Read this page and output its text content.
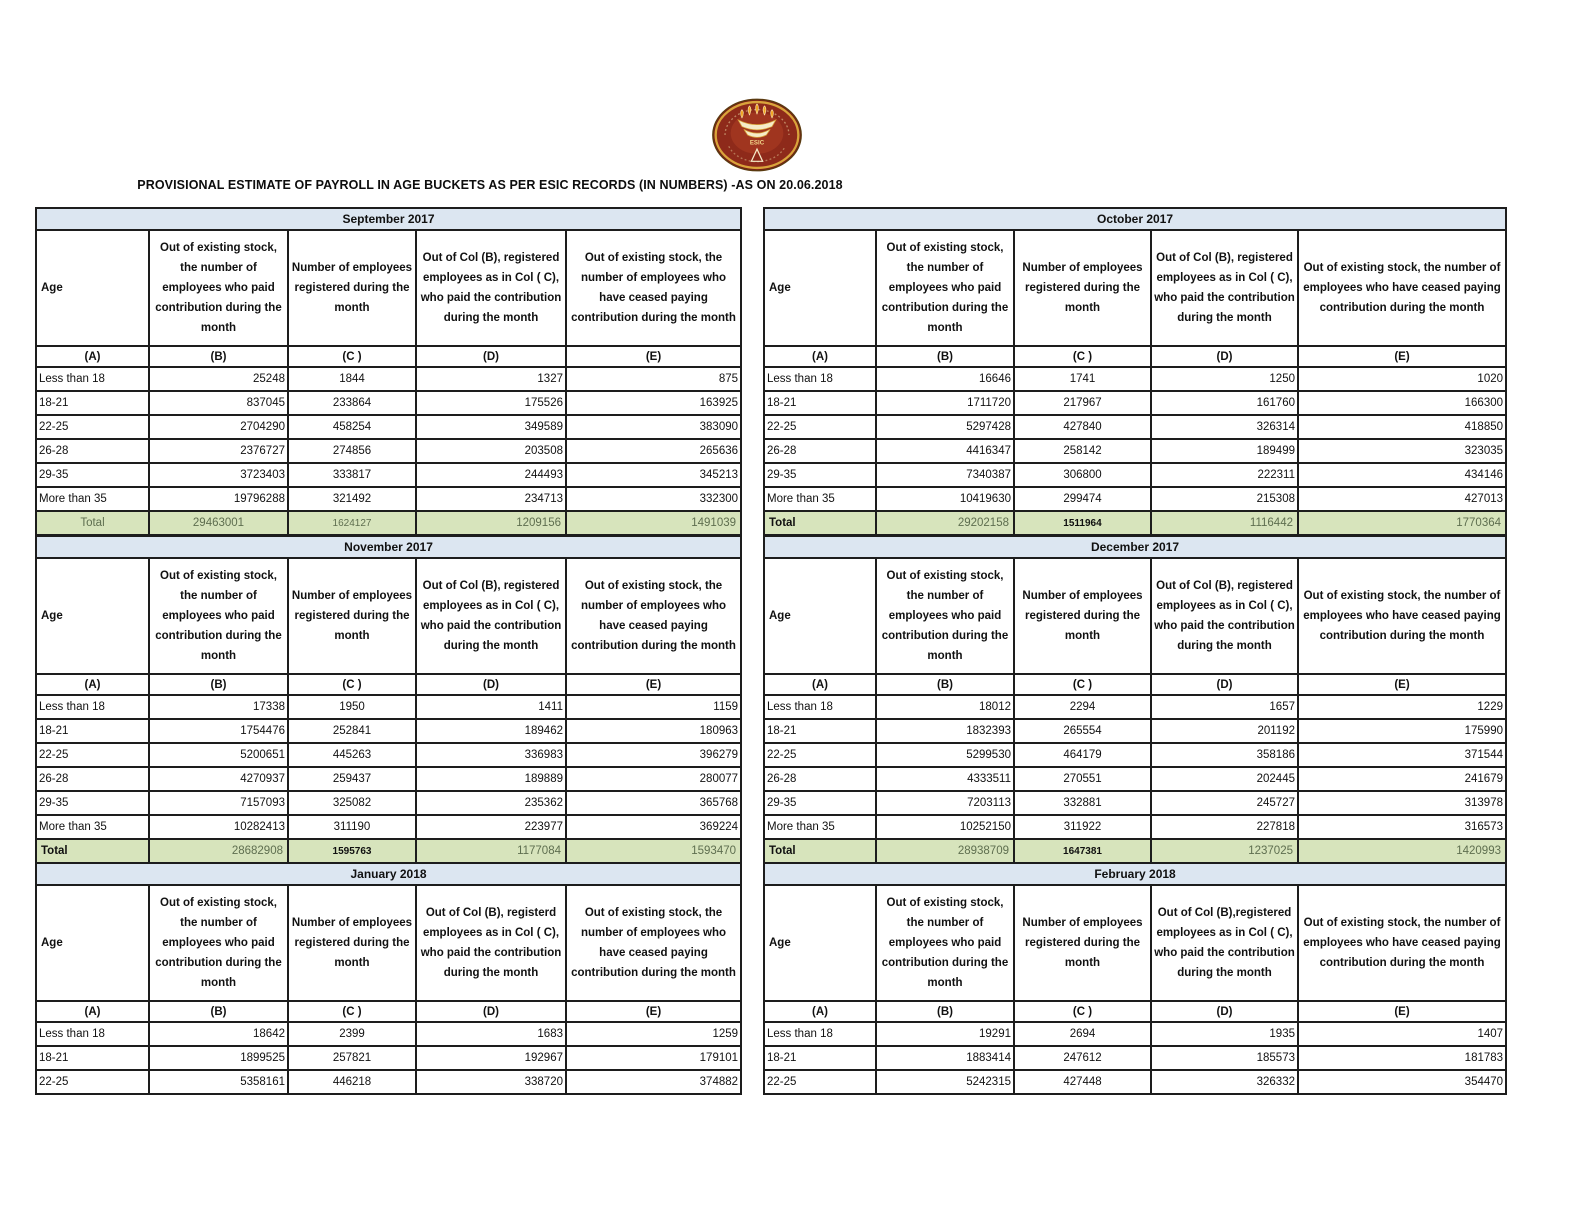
ESIC
PROVISIONAL ESTIMATE OF PAYROLL IN AGE BUCKETS AS PER ESIC RECORDS (IN NUMBERS) -AS ON 20.06.2018
September 2017				
Age	Out of existing stock, the number of employees who paid contribution during the month	Number of employees registered during the month	Out of Col (B), registered employees as in Col ( C), who paid the contribution during the month	Out of existing stock, the number of employees who have ceased paying contribution during the month
(A)	(B)	(C )	(D)	(E)
Less than 18	25248	1844	1327	875
18-21	837045	233864	175526	163925
22-25	2704290	458254	349589	383090
26-28	2376727	274856	203508	265636
29-35	3723403	333817	244493	345213
More than 35	19796288	321492	234713	332300
Total	29463001	1624127	1209156	1491039
October 2017				
Age	Out of existing stock, the number of employees who paid contribution during the month	Number of employees registered during the month	Out of Col (B), registered employees as in Col ( C), who paid the contribution during the month	Out of existing stock, the number of employees who have ceased paying contribution during the month
(A)	(B)	(C )	(D)	(E)
Less than 18	16646	1741	1250	1020
18-21	1711720	217967	161760	166300
22-25	5297428	427840	326314	418850
26-28	4416347	258142	189499	323035
29-35	7340387	306800	222311	434146
More than 35	10419630	299474	215308	427013
Total	29202158	1511964	1116442	1770364
November 2017				
Age	Out of existing stock, the number of employees who paid contribution during the month	Number of employees registered during the month	Out of Col (B), registered employees as in Col ( C), who paid the contribution during the month	Out of existing stock, the number of employees who have ceased paying contribution during the month
(A)	(B)	(C )	(D)	(E)
Less than 18	17338	1950	1411	1159
18-21	1754476	252841	189462	180963
22-25	5200651	445263	336983	396279
26-28	4270937	259437	189889	280077
29-35	7157093	325082	235362	365768
More than 35	10282413	311190	223977	369224
Total	28682908	1595763	1177084	1593470
December 2017				
Age	Out of existing stock, the number of employees who paid contribution during the month	Number of employees registered during the month	Out of Col (B), registered employees as in Col ( C), who paid the contribution during the month	Out of existing stock, the number of employees who have ceased paying contribution during the month
(A)	(B)	(C )	(D)	(E)
Less than 18	18012	2294	1657	1229
18-21	1832393	265554	201192	175990
22-25	5299530	464179	358186	371544
26-28	4333511	270551	202445	241679
29-35	7203113	332881	245727	313978
More than 35	10252150	311922	227818	316573
Total	28938709	1647381	1237025	1420993
January 2018				
Age	Out of existing stock, the number of employees who paid contribution during the month	Number of employees registered during the month	Out of Col (B), registerd employees as in Col ( C), who paid the contribution during the month	Out of existing stock, the number of employees who have ceased paying contribution during the month
(A)	(B)	(C )	(D)	(E)
Less than 18	18642	2399	1683	1259
18-21	1899525	257821	192967	179101
22-25	5358161	446218	338720	374882
February 2018				
Age	Out of existing stock, the number of employees who paid contribution during the month	Number of employees registered during the month	Out of Col (B),registered employees as in Col ( C), who paid the contribution during the month	Out of existing stock, the number of employees who have ceased paying contribution during the month
(A)	(B)	(C )	(D)	(E)
Less than 18	19291	2694	1935	1407
18-21	1883414	247612	185573	181783
22-25	5242315	427448	326332	354470
